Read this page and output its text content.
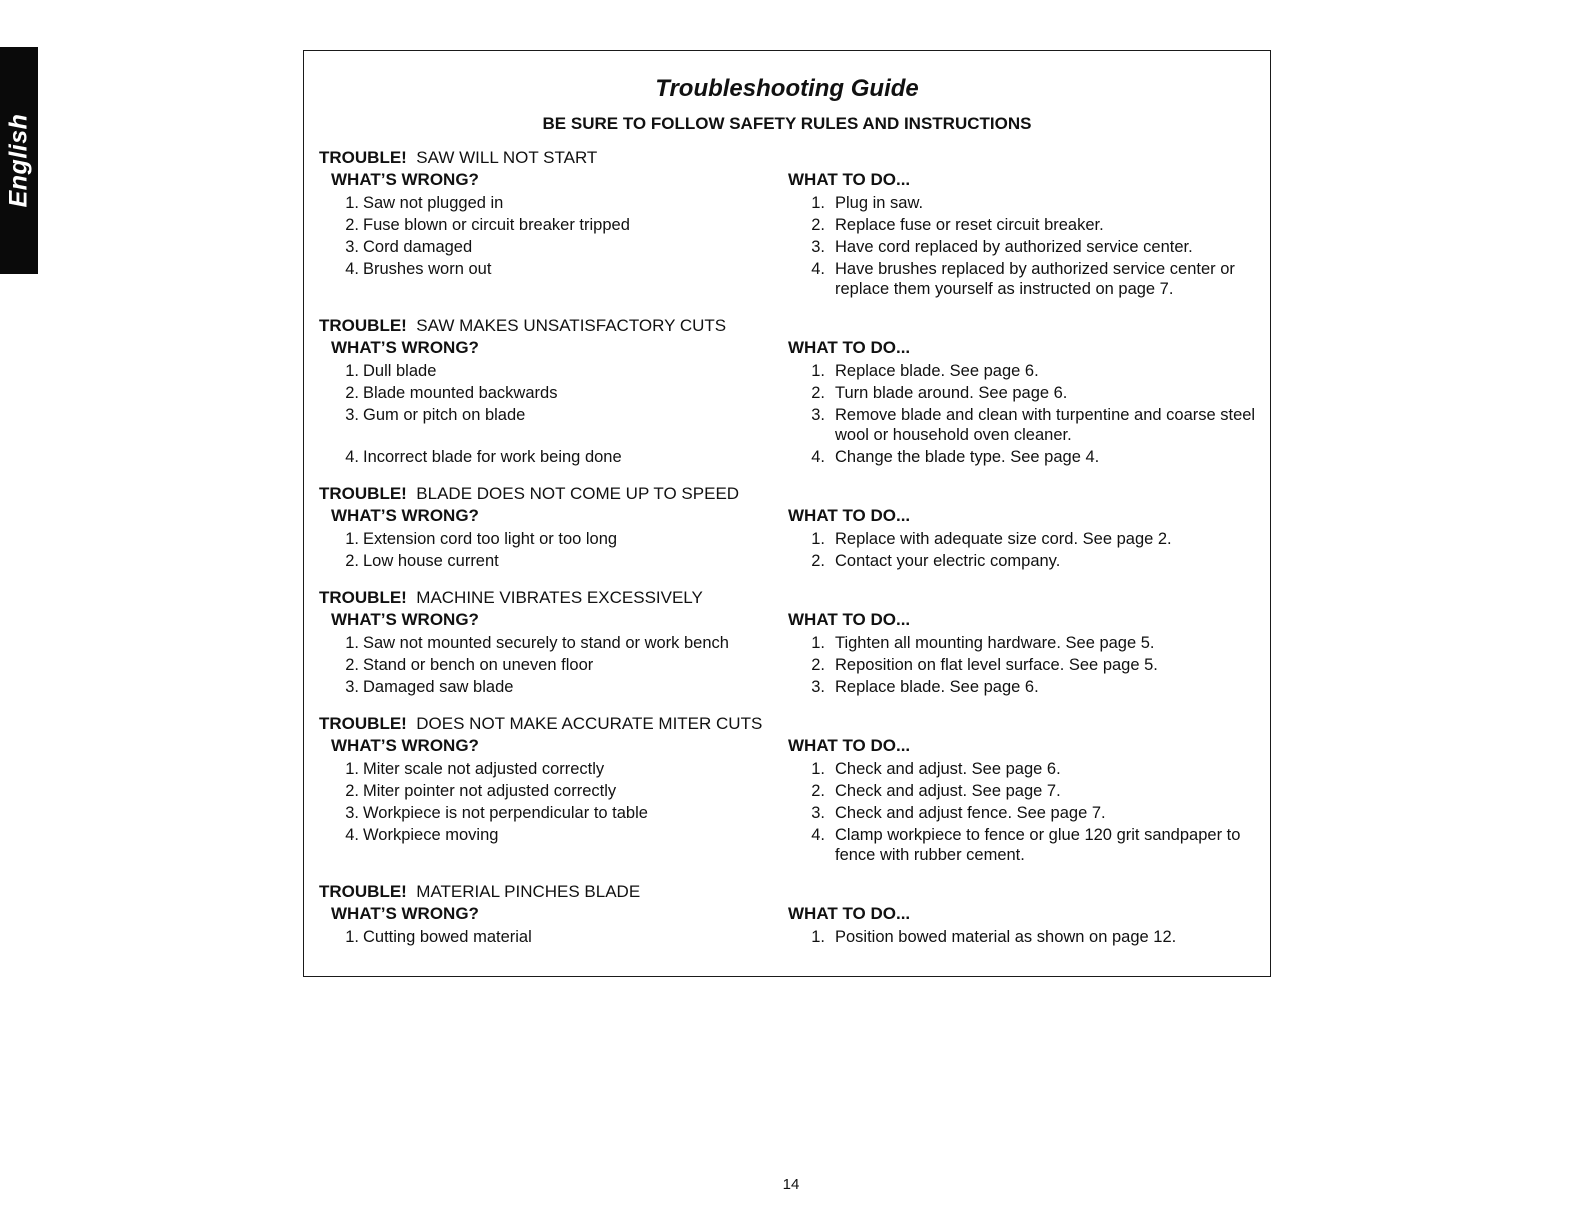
English
Troubleshooting Guide
BE SURE TO FOLLOW SAFETY RULES AND INSTRUCTIONS
TROUBLE! SAW WILL NOT START
WHAT’S WRONG?	WHAT TO DO...
1. Saw not plugged in	1. Plug in saw.
2. Fuse blown or circuit breaker tripped	2. Replace fuse or reset circuit breaker.
3. Cord damaged	3. Have cord replaced by authorized service center.
4. Brushes worn out	4. Have brushes replaced by authorized service center or replace them yourself as instructed on page 7.
TROUBLE! SAW MAKES UNSATISFACTORY CUTS
WHAT’S WRONG?	WHAT TO DO...
1. Dull blade	1. Replace blade. See page 6.
2. Blade mounted backwards	2. Turn blade around. See page 6.
3. Gum or pitch on blade	3. Remove blade and clean with turpentine and coarse steel wool or household oven cleaner.
4. Incorrect blade for work being done	4. Change the blade type. See page 4.
TROUBLE! BLADE DOES NOT COME UP TO SPEED
WHAT’S WRONG?	WHAT TO DO...
1. Extension cord too light or too long	1. Replace with adequate size cord. See page 2.
2. Low house current	2. Contact your electric company.
TROUBLE! MACHINE VIBRATES EXCESSIVELY
WHAT’S WRONG?	WHAT TO DO...
1. Saw not mounted securely to stand or work bench	1. Tighten all mounting hardware. See page 5.
2. Stand or bench on uneven floor	2. Reposition on flat level surface. See page 5.
3. Damaged saw blade	3. Replace blade. See page 6.
TROUBLE! DOES NOT MAKE ACCURATE MITER CUTS
WHAT’S WRONG?	WHAT TO DO...
1. Miter scale not adjusted correctly	1. Check and adjust. See page 6.
2. Miter pointer not adjusted correctly	2. Check and adjust. See page 7.
3. Workpiece is not perpendicular to table	3. Check and adjust fence. See page 7.
4. Workpiece moving	4. Clamp workpiece to fence or glue 120 grit sandpaper to fence with rubber cement.
TROUBLE! MATERIAL PINCHES BLADE
WHAT’S WRONG?	WHAT TO DO...
1. Cutting bowed material	1. Position bowed material as shown on page 12.
14
